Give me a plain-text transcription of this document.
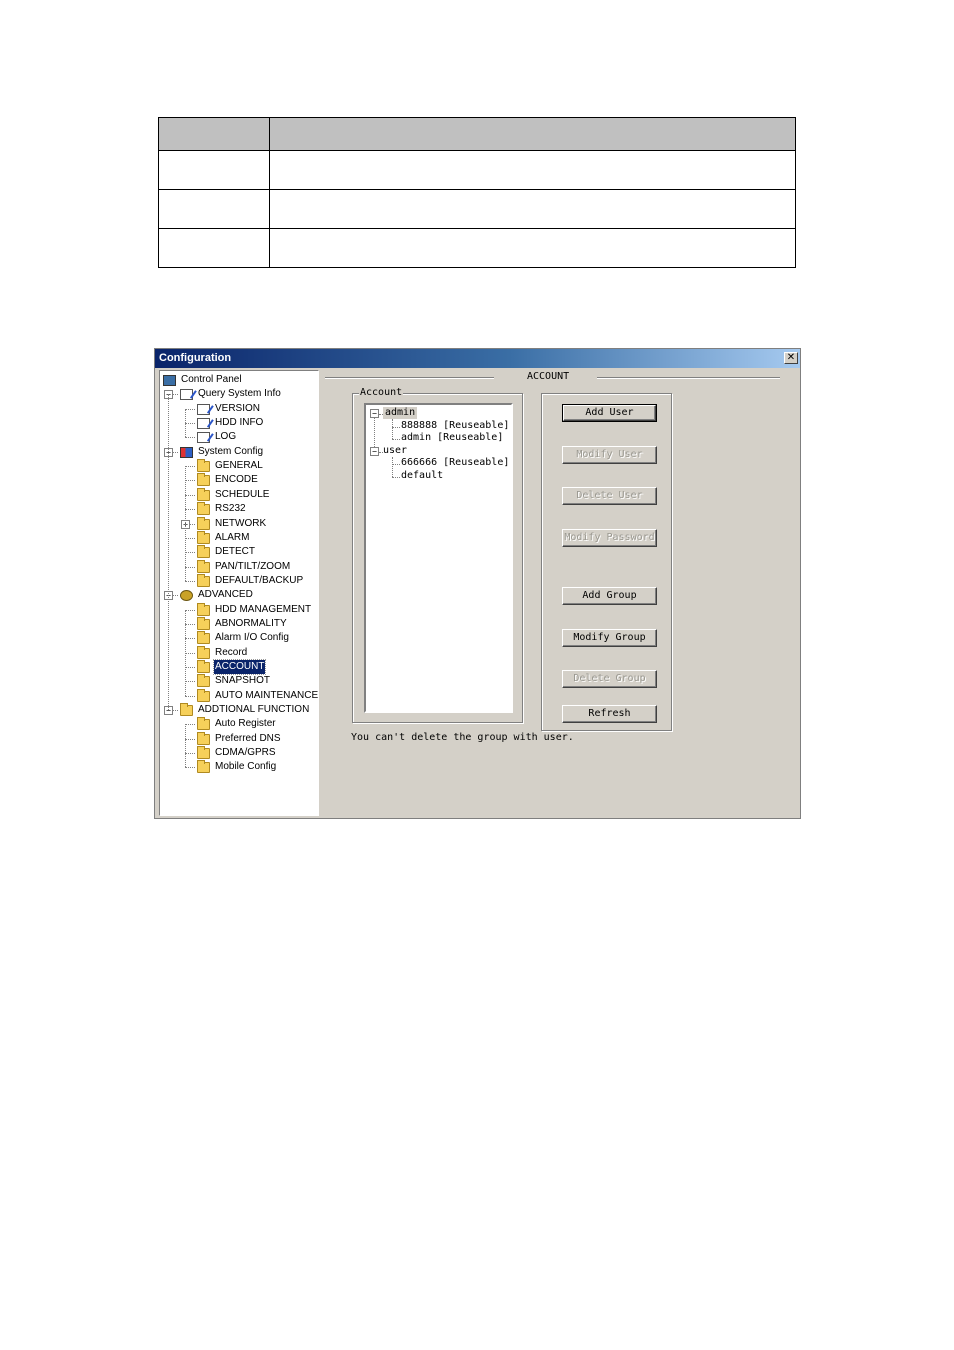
Configuration	✕
Control Panel
Query System Info
−
VERSION
HDD INFO
LOG
System Config
−
GENERAL
ENCODE
SCHEDULE
RS232
NETWORK
+
ALARM
DETECT
PAN/TILT/ZOOM
DEFAULT/BACKUP
ADVANCED
−
HDD MANAGEMENT
ABNORMALITY
Alarm I/O Config
Record
ACCOUNT
SNAPSHOT
AUTO MAINTENANCE
ADDTIONAL FUNCTION
−
Auto Register
Preferred DNS
CDMA/GPRS
Mobile Config
ACCOUNT
Account
admin
−
888888 [Reuseable]
admin [Reuseable]
user
−
666666 [Reuseable]
default
Add User
Modify User
Delete User
Modify Password
Add Group
Modify Group
Delete Group
Refresh
You can't delete the group with user.
